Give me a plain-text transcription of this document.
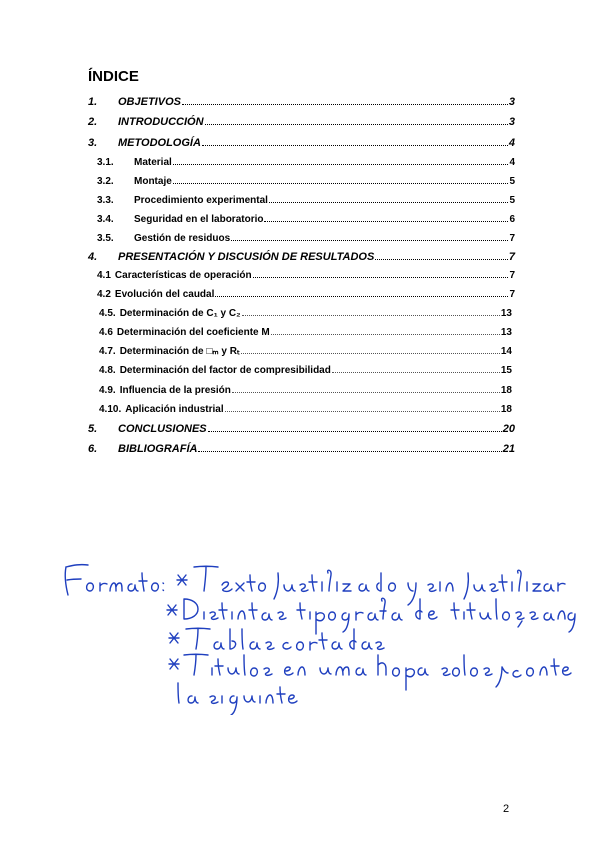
ÍNDICE
1.	OBJETIVOS	3
2.	INTRODUCCIÓN	3
3.	METODOLOGÍA	4
3.1.	Material	4
3.2.	Montaje	5
3.3.	Procedimiento experimental	5
3.4.	Seguridad en el laboratorio	6
3.5.	Gestión de residuos	7
4.	PRESENTACIÓN Y DISCUSIÓN DE RESULTADOS	7
4.1 Características de operación	7
4.2 Evolución del caudal	7
4.5. Determinación de C₁ y C₂	13
4.6 Determinación del coeficiente M	13
4.7. Determinación de □ₘ y Rₜ	14
4.8. Determinación del factor de compresibilidad	15
4.9. Influencia de la presión	18
4.10. Aplicación industrial	18
5.	CONCLUSIONES	20
6.	BIBLIOGRAFÍA	21
2
